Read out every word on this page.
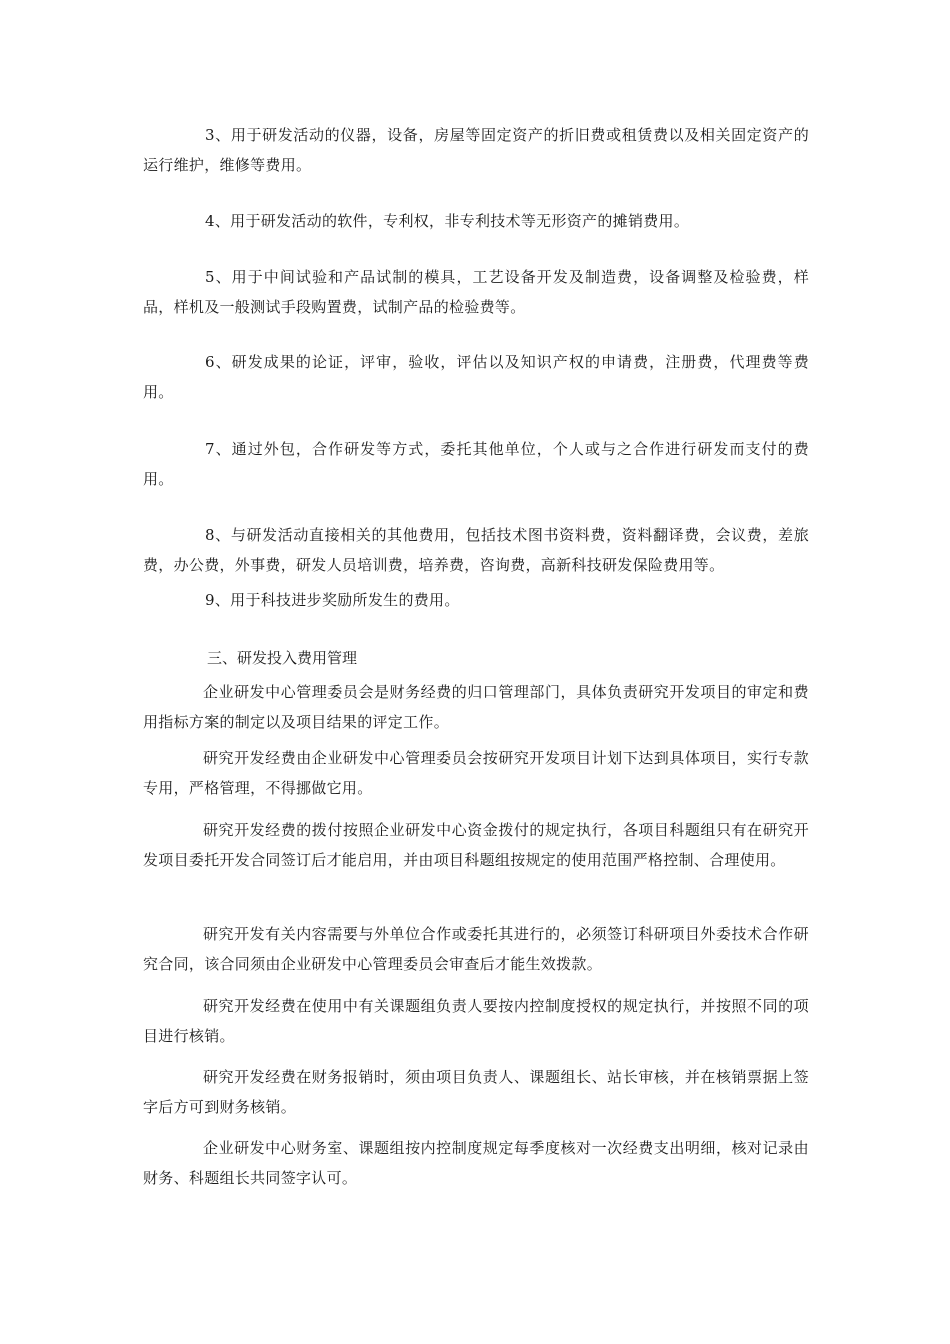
3、用于研发活动的仪器，设备，房屋等固定资产的折旧费或租赁费以及相关固定资产的运行维护，维修等费用。

4、用于研发活动的软件，专利权，非专利技术等无形资产的摊销费用。

5、用于中间试验和产品试制的模具，工艺设备开发及制造费，设备调整及检验费，样品，样机及一般测试手段购置费，试制产品的检验费等。

6、研发成果的论证，评审，验收，评估以及知识产权的申请费，注册费，代理费等费用。

7、通过外包，合作研发等方式，委托其他单位，个人或与之合作进行研发而支付的费用。

8、与研发活动直接相关的其他费用，包括技术图书资料费，资料翻译费，会议费，差旅费，办公费，外事费，研发人员培训费，培养费，咨询费，高新科技研发保险费用等。

9、用于科技进步奖励所发生的费用。

三、研发投入费用管理

企业研发中心管理委员会是财务经费的归口管理部门，具体负责研究开发项目的审定和费用指标方案的制定以及项目结果的评定工作。

研究开发经费由企业研发中心管理委员会按研究开发项目计划下达到具体项目，实行专款专用，严格管理，不得挪做它用。

研究开发经费的拨付按照企业研发中心资金拨付的规定执行，各项目科题组只有在研究开发项目委托开发合同签订后才能启用，并由项目科题组按规定的使用范围严格控制、合理使用。

研究开发有关内容需要与外单位合作或委托其进行的，必须签订科研项目外委技术合作研究合同，该合同须由企业研发中心管理委员会审查后才能生效拨款。

研究开发经费在使用中有关课题组负责人要按内控制度授权的规定执行，并按照不同的项目进行核销。

研究开发经费在财务报销时，须由项目负责人、课题组长、站长审核，并在核销票据上签字后方可到财务核销。

企业研发中心财务室、课题组按内控制度规定每季度核对一次经费支出明细，核对记录由财务、科题组长共同签字认可。
